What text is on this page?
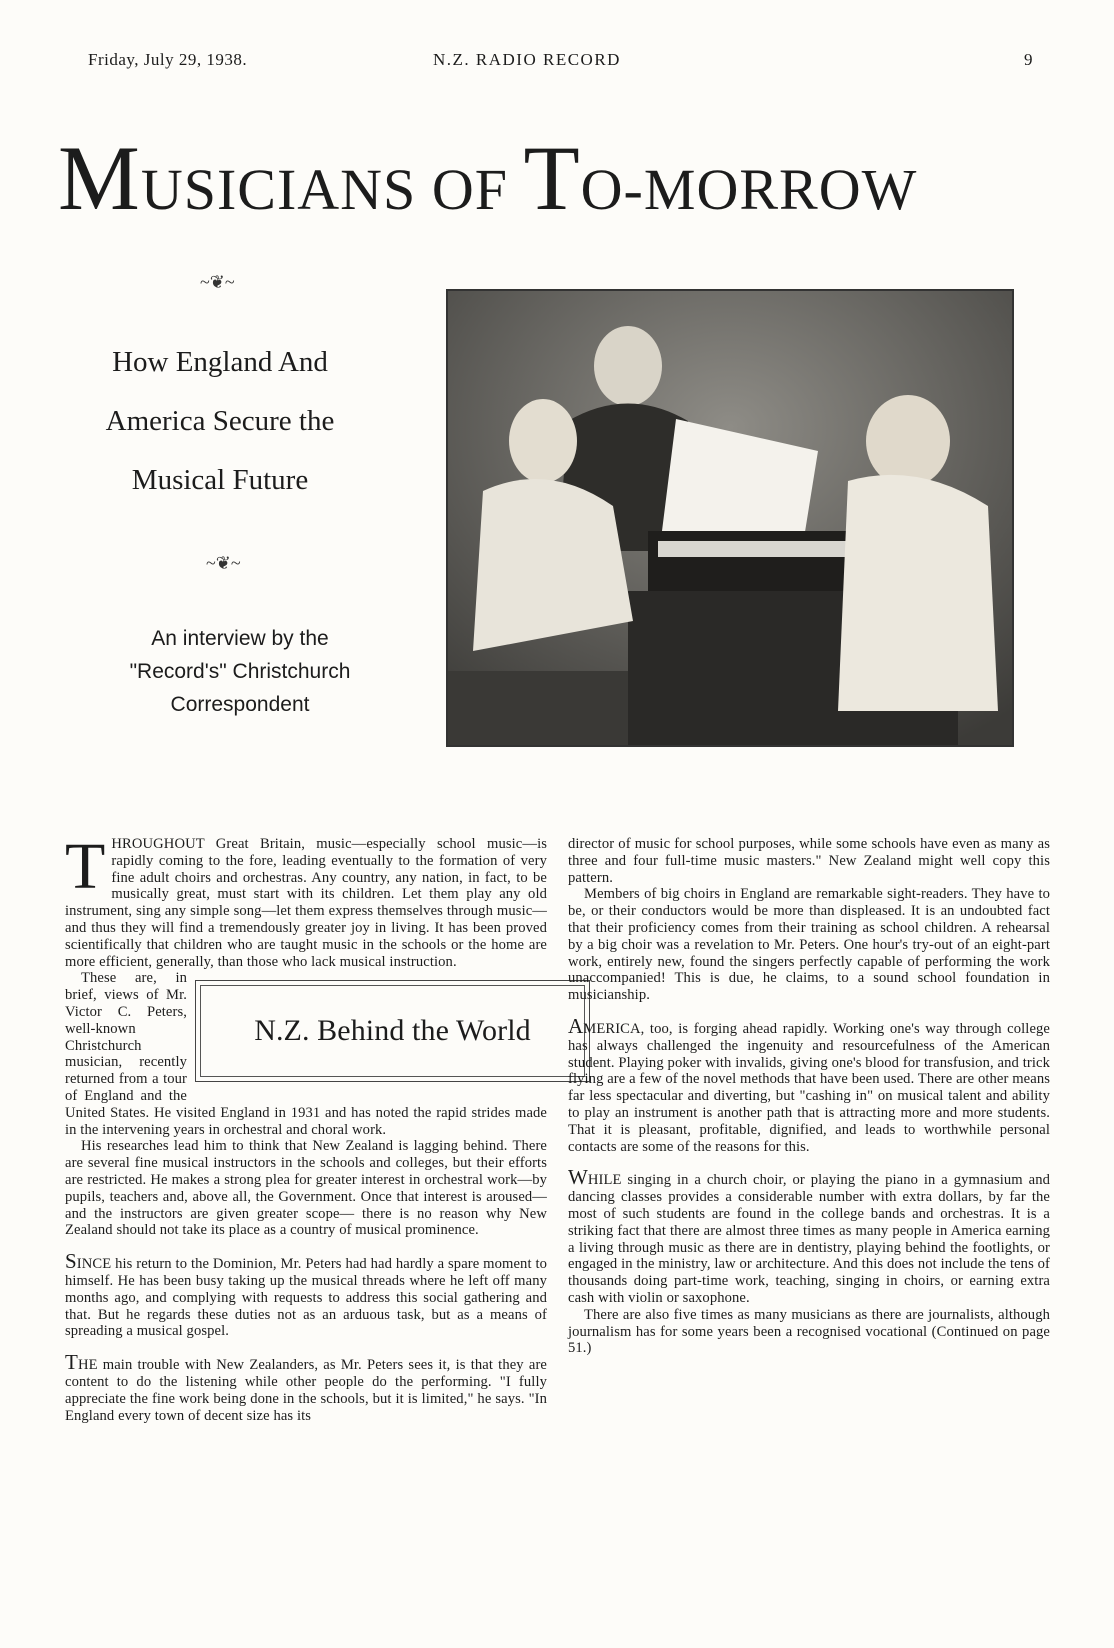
Friday, July 29, 1938.	N.Z. RADIO RECORD	9
MUSICIANS OF TO-MORROW
~❦~
How England And
America Secure the
Musical Future
~❦~
An interview by the
"Record's" Christchurch
Correspondent

THROUGHOUT Great Britain, music—especially school music—is rapidly coming to the fore, leading eventually to the formation of very fine adult choirs and orchestras. Any country, any nation, in fact, to be musically great, must start with its children. Let them play any old instrument, sing any simple song—let them express themselves through music—and thus they will find a tremendously greater joy in living. It has been proved scientifically that children who are taught music in the schools or the home are more efficient, generally, than those who lack musical instruction.

N.Z. Behind the World

These are, in brief, views of Mr. Victor C. Peters, well-known Christchurch musician, recently returned from a tour of England and the United States. He visited England in 1931 and has noted the rapid strides made in the intervening years in orchestral and choral work.

His researches lead him to think that New Zealand is lagging behind. There are several fine musical instructors in the schools and colleges, but their efforts are restricted. He makes a strong plea for greater interest in orchestral work—by pupils, teachers and, above all, the Government. Once that interest is aroused—and the instructors are given greater scope— there is no reason why New Zealand should not take its place as a country of musical prominence.

SINCE his return to the Dominion, Mr. Peters had had hardly a spare moment to himself. He has been busy taking up the musical threads where he left off many months ago, and complying with requests to address this social gathering and that. But he regards these duties not as an arduous task, but as a means of spreading a musical gospel.

THE main trouble with New Zealanders, as Mr. Peters sees it, is that they are content to do the listening while other people do the performing. "I fully appreciate the fine work being done in the schools, but it is limited," he says. "In England every town of decent size has its

director of music for school purposes, while some schools have even as many as three and four full-time music masters." New Zealand might well copy this pattern.

Members of big choirs in England are remarkable sight-readers. They have to be, or their conductors would be more than displeased. It is an undoubted fact that their proficiency comes from their training as school children. A rehearsal by a big choir was a revelation to Mr. Peters. One hour's try-out of an eight-part work, entirely new, found the singers perfectly capable of performing the work unaccompanied! This is due, he claims, to a sound school foundation in musicianship.

AMERICA, too, is forging ahead rapidly. Working one's way through college has always challenged the ingenuity and resourcefulness of the American student. Playing poker with invalids, giving one's blood for transfusion, and trick flying are a few of the novel methods that have been used. There are other means far less spectacular and diverting, but "cashing in" on musical talent and ability to play an instrument is another path that is attracting more and more students. That it is pleasant, profitable, dignified, and leads to worthwhile personal contacts are some of the reasons for this.

WHILE singing in a church choir, or playing the piano in a gymnasium and dancing classes provides a considerable number with extra dollars, by far the most of such students are found in the college bands and orchestras. It is a striking fact that there are almost three times as many people in America earning a living through music as there are in dentistry, playing behind the footlights, or engaged in the ministry, law or architecture. And this does not include the tens of thousands doing part-time work, teaching, singing in choirs, or earning extra cash with violin or saxophone.

There are also five times as many musicians as there are journalists, although journalism has for some years been a recognised vocational (Continued on page 51.)
